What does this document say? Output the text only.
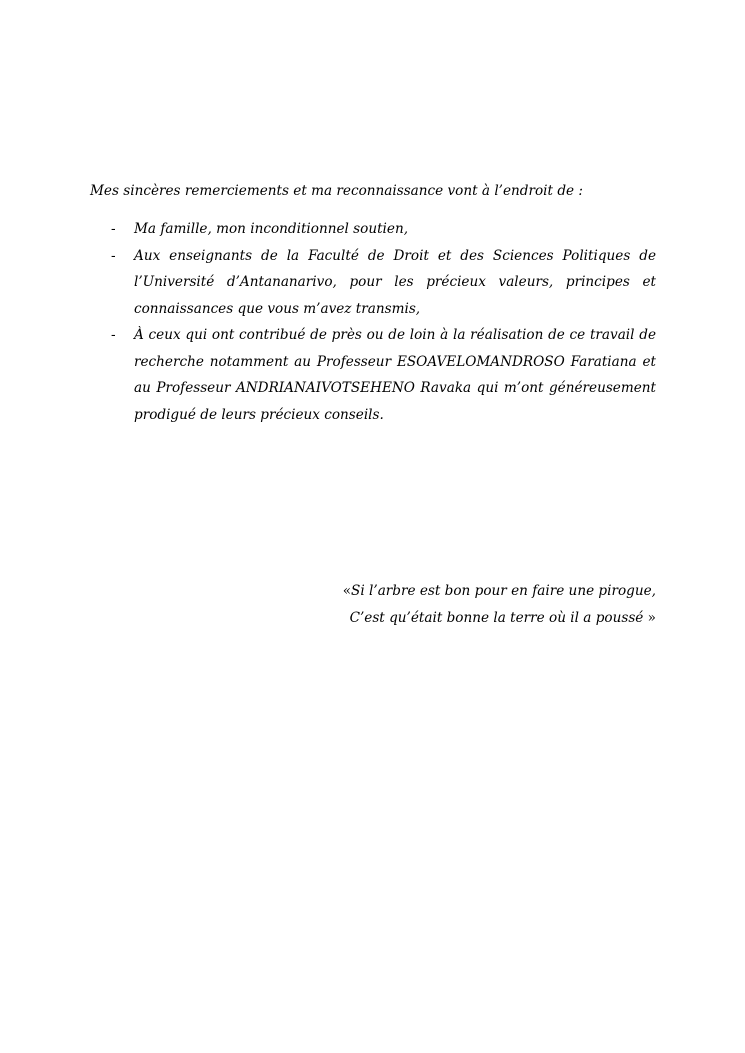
Mes sincères remerciements et ma reconnaissance vont à l’endroit de :
- Ma famille, mon inconditionnel soutien,
- Aux enseignants de la Faculté de Droit et des Sciences Politiques de l’Université d’Antananarivo, pour les précieux valeurs, principes et connaissances que vous m’avez transmis,
- À ceux qui ont contribué de près ou de loin à la réalisation de ce travail de recherche notamment au Professeur ESOAVELOMANDROSO Faratiana et au Professeur ANDRIANAIVOTSEHENO Ravaka qui m’ont généreusement prodigué de leurs précieux conseils.
«Si l’arbre est bon pour en faire une pirogue,
C’est qu’était bonne la terre où il a poussé »
